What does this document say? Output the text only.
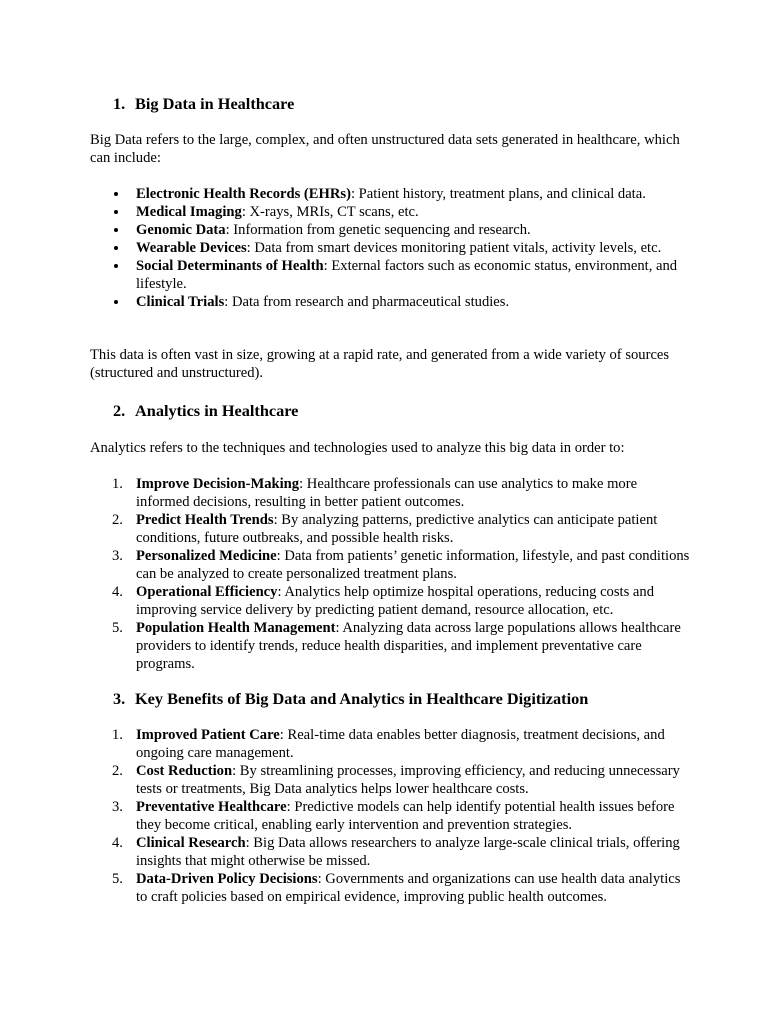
1. Big Data in Healthcare
Big Data refers to the large, complex, and often unstructured data sets generated in healthcare, which can include:
Electronic Health Records (EHRs): Patient history, treatment plans, and clinical data.
Medical Imaging: X-rays, MRIs, CT scans, etc.
Genomic Data: Information from genetic sequencing and research.
Wearable Devices: Data from smart devices monitoring patient vitals, activity levels, etc.
Social Determinants of Health: External factors such as economic status, environment, and lifestyle.
Clinical Trials: Data from research and pharmaceutical studies.
This data is often vast in size, growing at a rapid rate, and generated from a wide variety of sources (structured and unstructured).
2. Analytics in Healthcare
Analytics refers to the techniques and technologies used to analyze this big data in order to:
1. Improve Decision-Making: Healthcare professionals can use analytics to make more informed decisions, resulting in better patient outcomes.
2. Predict Health Trends: By analyzing patterns, predictive analytics can anticipate patient conditions, future outbreaks, and possible health risks.
3. Personalized Medicine: Data from patients’ genetic information, lifestyle, and past conditions can be analyzed to create personalized treatment plans.
4. Operational Efficiency: Analytics help optimize hospital operations, reducing costs and improving service delivery by predicting patient demand, resource allocation, etc.
5. Population Health Management: Analyzing data across large populations allows healthcare providers to identify trends, reduce health disparities, and implement preventative care programs.
3. Key Benefits of Big Data and Analytics in Healthcare Digitization
1. Improved Patient Care: Real-time data enables better diagnosis, treatment decisions, and ongoing care management.
2. Cost Reduction: By streamlining processes, improving efficiency, and reducing unnecessary tests or treatments, Big Data analytics helps lower healthcare costs.
3. Preventative Healthcare: Predictive models can help identify potential health issues before they become critical, enabling early intervention and prevention strategies.
4. Clinical Research: Big Data allows researchers to analyze large-scale clinical trials, offering insights that might otherwise be missed.
5. Data-Driven Policy Decisions: Governments and organizations can use health data analytics to craft policies based on empirical evidence, improving public health outcomes.
